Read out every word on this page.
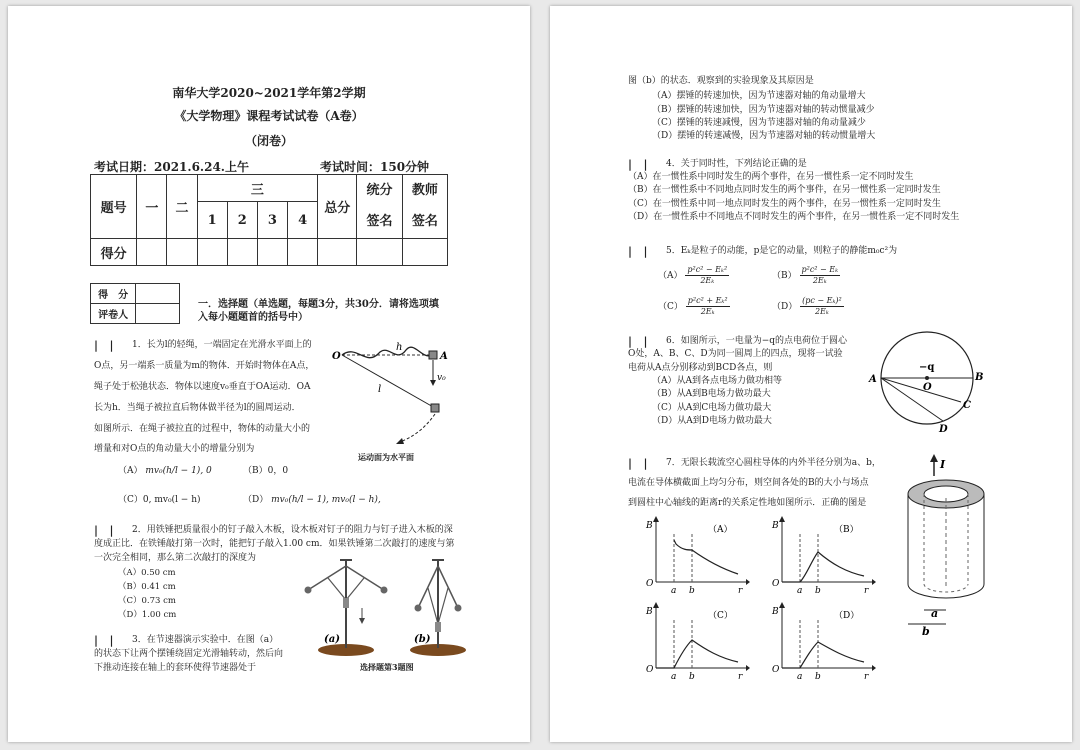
南华大学2020~2021学年第2学期
《大学物理》课程考试试卷（A卷）
（闭卷）
考试日期：2021.6.24.上午	考试时间：150分钟
题号	一	二	三				总分	统分	教师
			1	2	3	4		签名	签名
得分									
得　分	
评卷人	
一．选择题（单选题，每题3分，共30分．请将选项填
入每小题题首的括号中）
|   | 1．长为l的轻绳，一端固定在光滑水平面上的
O点，另一端系一质量为m的物体．开始时物体在A点，
绳子处于松弛状态．物体以速度v₀垂直于OA运动．OA
长为h．当绳子被拉直后物体做半径为l的圆周运动．
如图所示．在绳子被拉直的过程中，物体的动量大小的
增量和对O点的角动量大小的增量分别为
（A） mv₀(h/l − 1), 0	（B）0，0
（C）0, mv₀(l − h)	（D） mv₀(h/l − 1), mv₀(l − h),
O
h
A
v₀
l
运动面为水平面
|   | 2．用铁锤把质量很小的钉子敲入木板，设木板对钉子的阻力与钉子进入木板的深
度成正比．在铁锤敲打第一次时，能把钉子敲入1.00 cm．如果铁锤第二次敲打的速度与第
一次完全相同，那么第二次敲打的深度为
（A）0.50 cm
（B）0.41 cm
（C）0.73 cm
（D）1.00 cm
|   | 3．在节速器演示实验中．在图（a）
的状态下让两个摆锤绕固定光滑轴转动，然后向
下推动连接在轴上的套环使得节速器处于
(a)	(b)
选择题第3题图
图（b）的状态．观察到的实验现象及其原因是
（A）摆锤的转速加快，因为节速器对轴的角动量增大
（B）摆锤的转速加快，因为节速器对轴的转动惯量减少
（C）摆锤的转速减慢，因为节速器对轴的角动量减少
（D）摆锤的转速减慢，因为节速器对轴的转动惯量增大
|   | 4．关于同时性，下列结论正确的是
（A）在一惯性系中同时发生的两个事件，在另一惯性系一定不同时发生
（B）在一惯性系中不同地点同时发生的两个事件，在另一惯性系一定同时发生
（C）在一惯性系中同一地点同时发生的两个事件，在另一惯性系一定同时发生
（D）在一惯性系中不同地点不同时发生的两个事件，在另一惯性系一定不同时发生
|   | 5．Eₖ是粒子的动能，p是它的动量，则粒子的静能m₀c²为
$(A) \frac{\text{p²c² − Eₖ²}}{\text{2Eₖ}}$	$(B) \frac{\text{p²c² − Eₖ}}{\text{2Eₖ}}$
$(C) \frac{\text{p²c² + Eₖ²}}{\text{2Eₖ}}$	$(D) \frac{\text{(pc − Eₖ)²}}{\text{2Eₖ}}$
|   | 6．如图所示，一电量为−q的点电荷位于圆心
O处，A、B、C、D为同一圆周上的四点，现将一试验
电荷从A点分别移动到BCD各点，则
（A）从A到各点电场力做功相等
（B）从A到B电场力做功最大
（C）从A到C电场力做功最大
（D）从A到D电场力做功最大
−q
O
A	B
C
D
|   | 7．无限长载流空心圆柱导体的内外半径分别为a、b，
电流在导体横截面上均匀分布，则空间各处的B的大小与场点
到圆柱中心轴线的距离r的关系定性地如图所示．正确的图是
（A）
B
O
a b	r
（B）
B
O
a b	r
（C）
B
O
a b	r
（D）
B
O
a b	r
I
a
b
